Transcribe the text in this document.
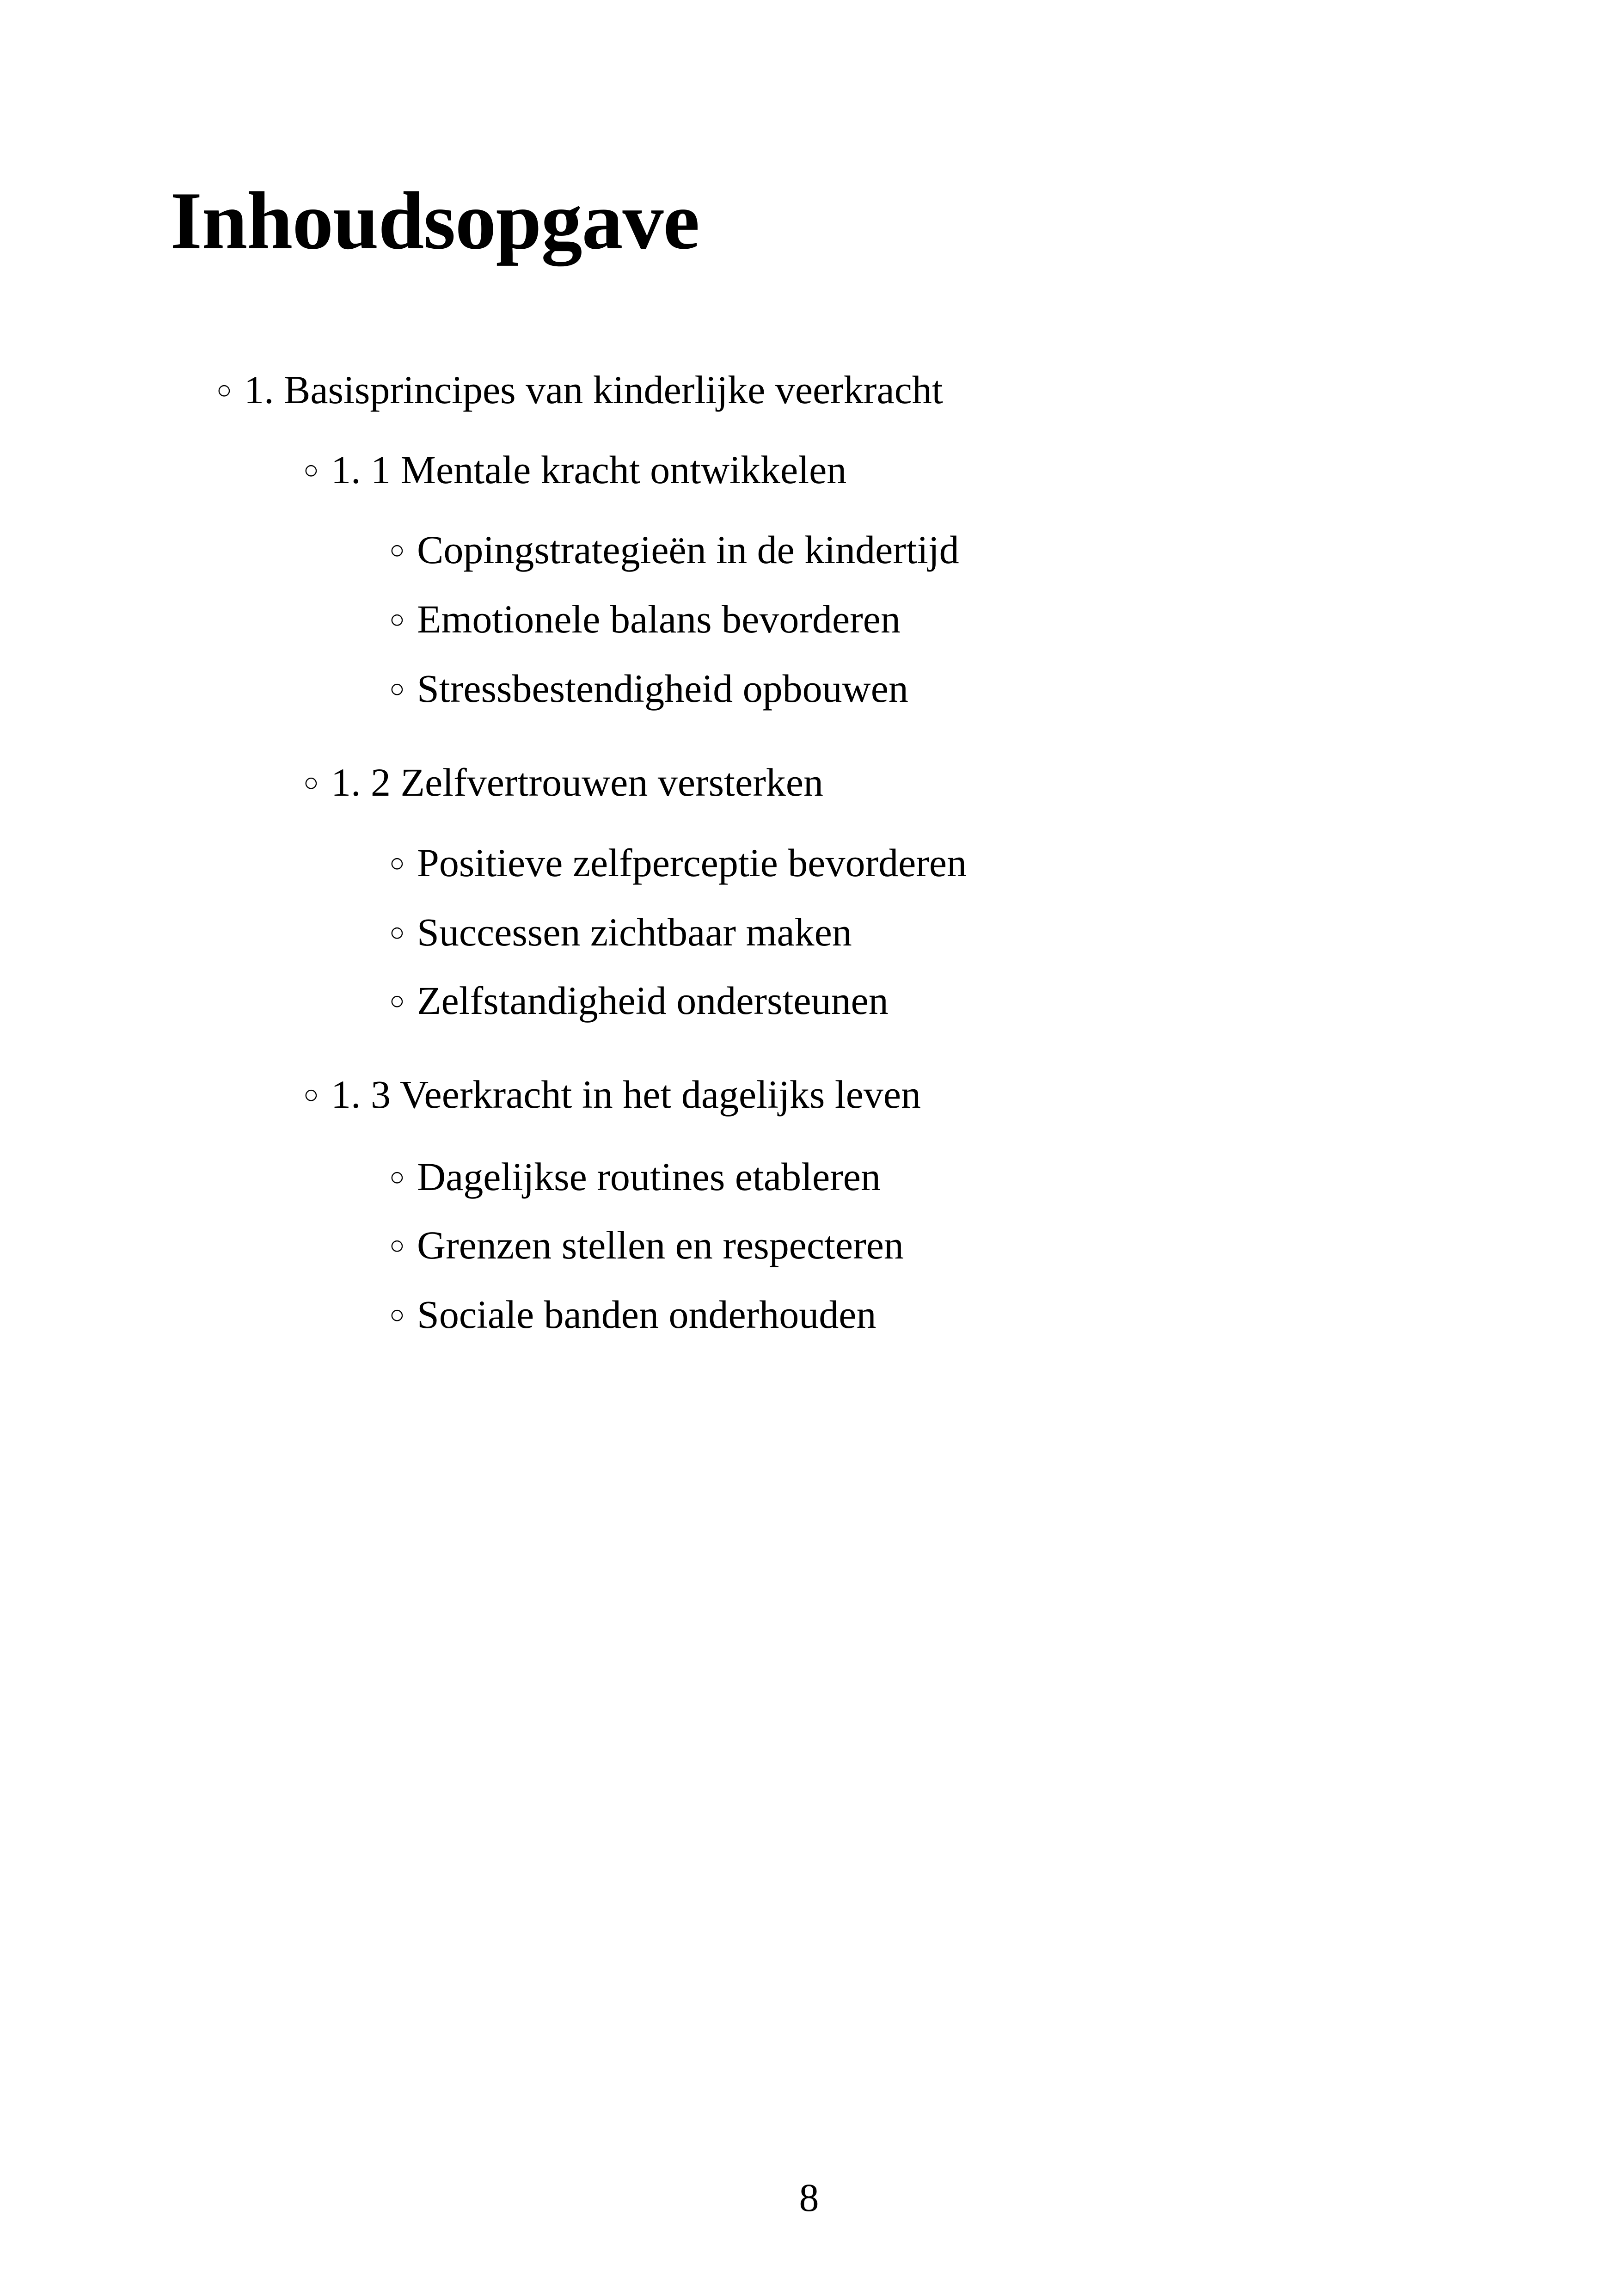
Inhoudsopgave
○ 1. Basisprincipes van kinderlijke veerkracht
○ 1. 1 Mentale kracht ontwikkelen
○ Copingstrategieën in de kindertijd
○ Emotionele balans bevorderen
○ Stressbestendigheid opbouwen
○ 1. 2 Zelfvertrouwen versterken
○ Positieve zelfperceptie bevorderen
○ Successen zichtbaar maken
○ Zelfstandigheid ondersteunen
○ 1. 3 Veerkracht in het dagelijks leven
○ Dagelijkse routines etableren
○ Grenzen stellen en respecteren
○ Sociale banden onderhouden
8
